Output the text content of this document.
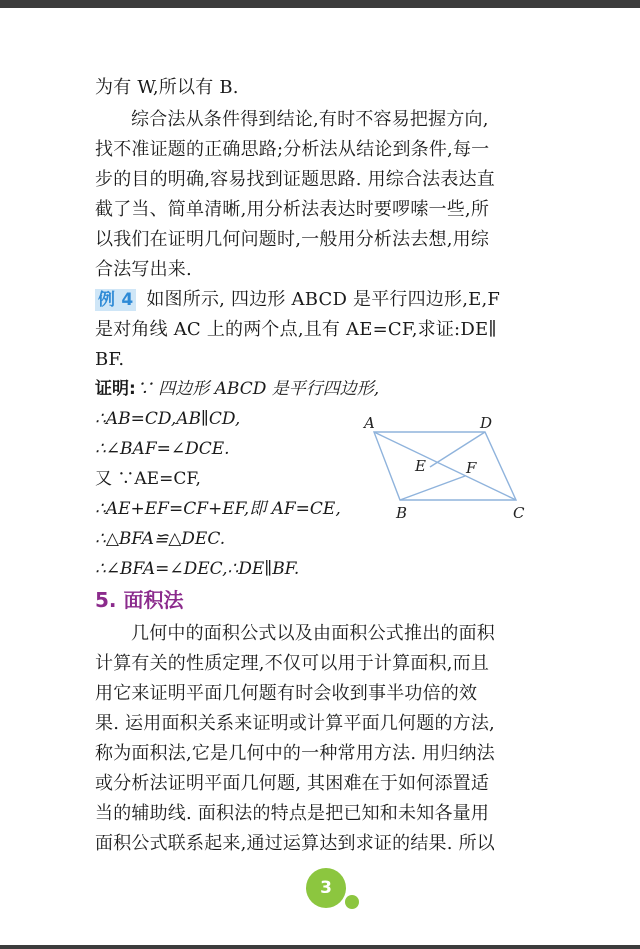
为有 W,所以有 B.
综合法从条件得到结论,有时不容易把握方向,
找不准证题的正确思路;分析法从结论到条件,每一
步的目的明确,容易找到证题思路. 用综合法表达直
截了当、简单清晰,用分析法表达时要啰嗦一些,所
以我们在证明几何问题时,一般用分析法去想,用综
合法写出来.
例 4 如图所示, 四边形 ABCD 是平行四边形,E,F
是对角线 AC 上的两个点,且有 AE=CF,求证:DE∥
BF.
证明:∵ 四边形 ABCD 是平行四边形,
∴AB=CD,AB∥CD,
∴∠BAF=∠DCE.
又 ∵AE=CF,
∴AE+EF=CF+EF,即 AF=CE,
∴△BFA≌△DEC.
∴∠BFA=∠DEC,∴DE∥BF.
A	D
E	F
B	C
5. 面积法
几何中的面积公式以及由面积公式推出的面积
计算有关的性质定理,不仅可以用于计算面积,而且
用它来证明平面几何题有时会收到事半功倍的效
果. 运用面积关系来证明或计算平面几何题的方法,
称为面积法,它是几何中的一种常用方法. 用归纳法
或分析法证明平面几何题, 其困难在于如何添置适
当的辅助线. 面积法的特点是把已知和未知各量用
面积公式联系起来,通过运算达到求证的结果. 所以
3
